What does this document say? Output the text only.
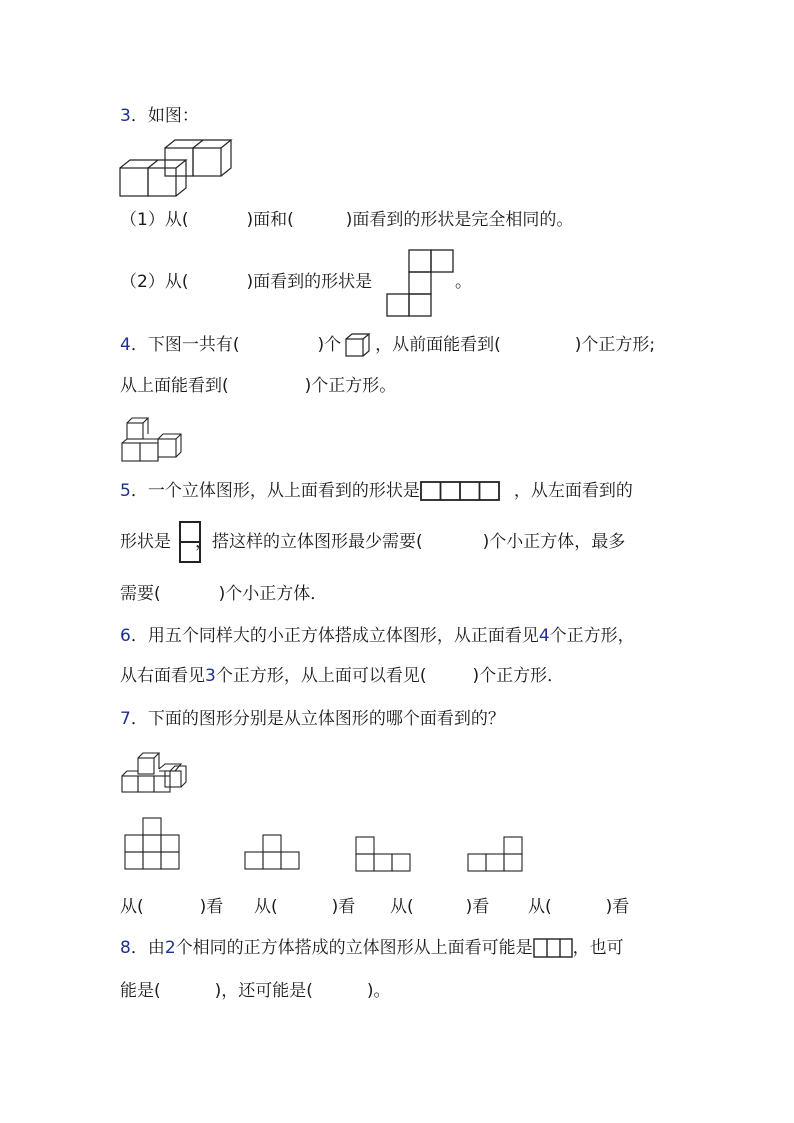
3．如图：
（1）从(	)面和(	)面看到的形状是完全相同的。
（2）从(	)面看到的形状是	。
4．下图一共有(	)个 ，从前面能看到(	)个正方形;
从上面能看到(	)个正方形。
5．一个立体图形，从上面看到的形状是	，从左面看到的
形状是 ，搭这样的立体图形最少需要(	)个小正方体，最多
需要(	)个小正方体．
6．用五个同样大的小正方体搭成立体图形，从正面看见4个正方形，
从右面看见3个正方形，从上面可以看见(	)个正方形．
7．下面的图形分别是从立体图形的哪个面看到的？
从(	)看 从(	)看 从(	)看 从(	)看
8．由2个相同的正方体搭成的立体图形从上面看可能是 ，也可
能是(	)，还可能是(	)。
